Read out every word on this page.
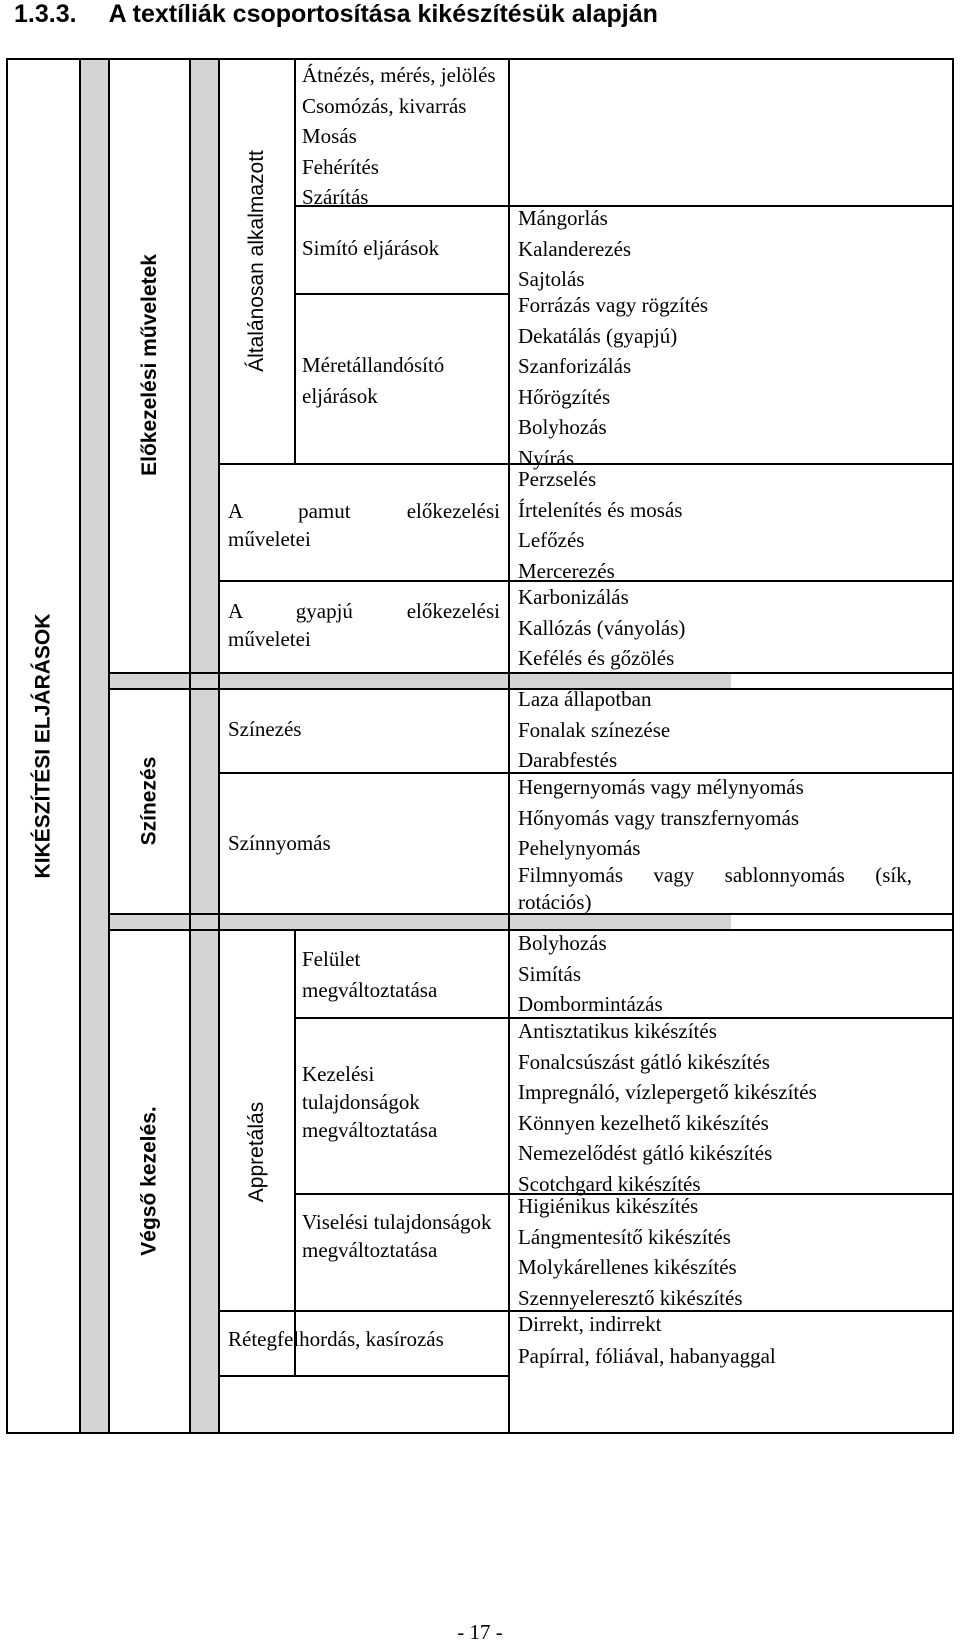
1.3.3. A textíliák csoportosítása kikészítésük alapján
KIKÉSZÍTÉSI ELJÁRÁSOK
Előkezelési műveletek
Színezés
Végső kezelés.
Általánosan alkalmazott
Appretálás
Átnézés, mérés, jelölés
Csomózás, kivarrás
Mosás
Fehérítés
Szárítás
Simító eljárások
Mángorlás
Kalanderezés
Sajtolás
Méretállandósító eljárások
Forrázás vagy rögzítés
Dekatálás (gyapjú)
Szanforizálás
Hőrögzítés
Bolyhozás
Nyírás
A pamut előkezelési
műveletei
Perzselés
Írtelenítés és mosás
Lefőzés
Mercerezés
A gyapjú előkezelési
műveletei
Karbonizálás
Kallózás (ványolás)
Kefélés és gőzölés
Színezés
Laza állapotban
Fonalak színezése
Darabfestés
Színnyomás
Hengernyomás vagy mélynyomás
Hőnyomás vagy transzfernyomás
Pehelynyomás
Filmnyomás vagy sablonnyomás (sík, rotációs)
Felület megváltoztatása
Bolyhozás
Simítás
Dombormintázás
Kezelési tulajdonságok megváltoztatása
Antisztatikus kikészítés
Fonalcsúszást gátló kikészítés
Impregnáló, vízlepergető kikészítés
Könnyen kezelhető kikészítés
Nemezelődést gátló kikészítés
Scotchgard kikészítés
Viselési tulajdonságok megváltoztatása
Higiénikus kikészítés
Lángmentesítő kikészítés
Molykárellenes kikészítés
Szennyeleresztő kikészítés
Rétegfelhordás, kasírozás
Dirrekt, indirrekt
Papírral, fóliával, habanyaggal
- 17 -
